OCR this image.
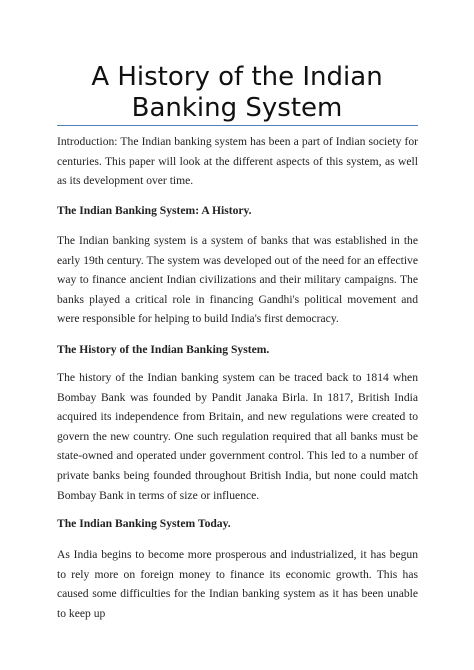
A History of the Indian Banking System

Introduction: The Indian banking system has been a part of Indian society for centuries. This paper will look at the different aspects of this system, as well as its development over time.

The Indian Banking System: A History.

The Indian banking system is a system of banks that was established in the early 19th century. The system was developed out of the need for an effective way to finance ancient Indian civilizations and their military campaigns. The banks played a critical role in financing Gandhi's political movement and were responsible for helping to build India's first democracy.

The History of the Indian Banking System.

The history of the Indian banking system can be traced back to 1814 when Bombay Bank was founded by Pandit Janaka Birla. In 1817, British India acquired its independence from Britain, and new regulations were created to govern the new country. One such regulation required that all banks must be state-owned and operated under government control. This led to a number of private banks being founded throughout British India, but none could match Bombay Bank in terms of size or influence.

The Indian Banking System Today.

As India begins to become more prosperous and industrialized, it has begun to rely more on foreign money to finance its economic growth. This has caused some difficulties for the Indian banking system as it has been unable to keep up
